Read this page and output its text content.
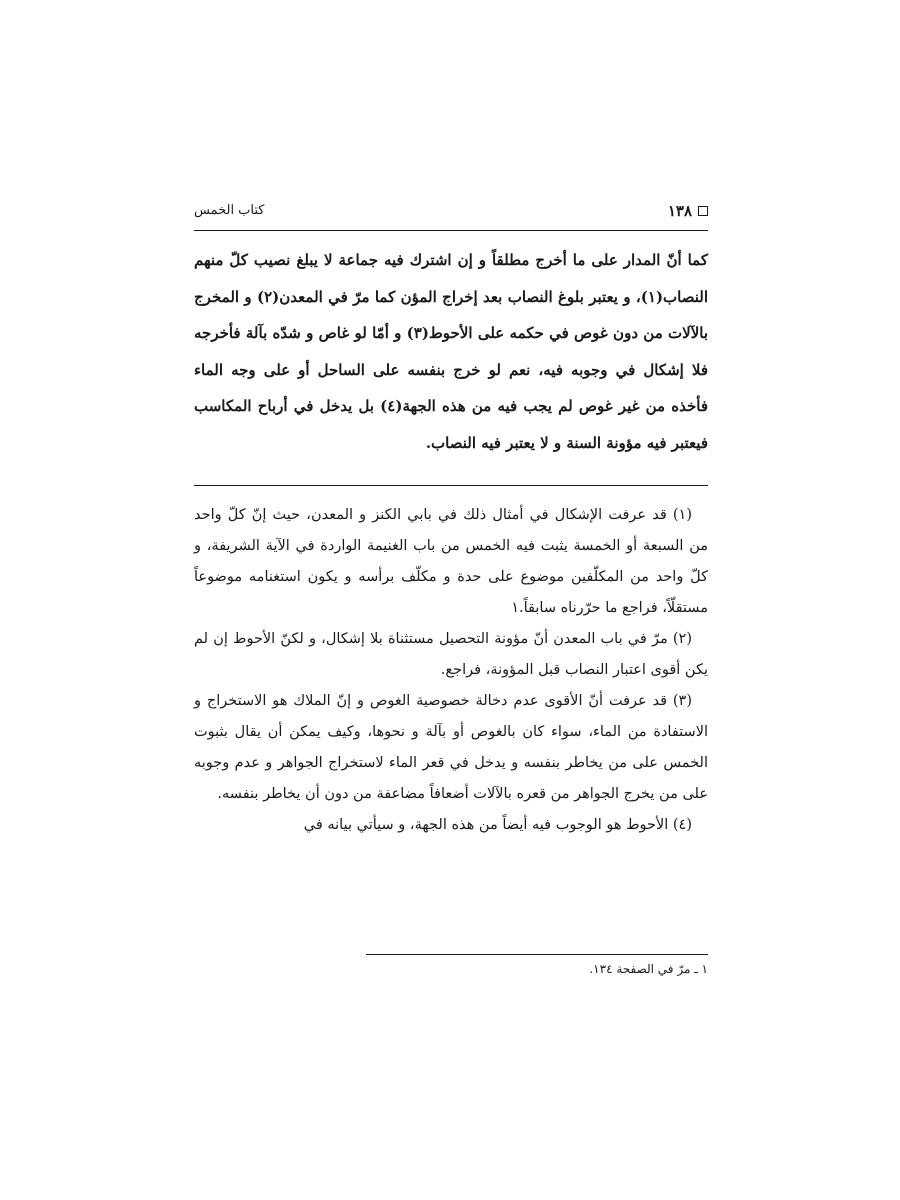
١٣٨
كتاب الخمس

كما أنّ المدار على ما أخرج مطلقاً و إن اشترك فيه جماعة لا يبلغ نصيب كلّ منهم النصاب(١)، و يعتبر بلوغ النصاب بعد إخراج المؤن كما مرّ في المعدن(٢) و المخرج بالآلات من دون غوص في حكمه على الأحوط(٣) و أمّا لو غاص و شدّه بآلة فأخرجه فلا إشكال في وجوبه فيه، نعم لو خرج بنفسه على الساحل أو على وجه الماء فأخذه من غير غوص لم يجب فيه من هذه الجهة(٤) بل يدخل في أرباح المكاسب فيعتبر فيه مؤونة السنة و لا يعتبر فيه النصاب.

(١) قد عرفت الإشكال في أمثال ذلك في بابي الكنز و المعدن، حيث إنّ كلّ واحد من السبعة أو الخمسة يثبت فيه الخمس من باب الغنيمة الواردة في الآية الشريفة، و كلّ واحد من المكلّفين موضوع على حدة و مكلّف برأسه و يكون استغنامه موضوعاً مستقلّاً، فراجع ما حرّرناه سابقاً.١

(٢) مرّ في باب المعدن أنّ مؤونة التحصيل مستثناة بلا إشكال، و لكنّ الأحوط إن لم يكن أقوى اعتبار النصاب قبل المؤونة، فراجع.

(٣) قد عرفت أنّ الأقوى عدم دخالة خصوصية الغوص و إنّ الملاك هو الاستخراج و الاستفادة من الماء، سواء كان بالغوص أو بآلة و نحوها، وكيف يمكن أن يقال بثبوت الخمس على من يخاطر بنفسه و يدخل في قعر الماء لاستخراج الجواهر و عدم وجوبه على من يخرج الجواهر من قعره بالآلات أضعافاً مضاعفة من دون أن يخاطر بنفسه.

(٤) الأحوط هو الوجوب فيه أيضاً من هذه الجهة، و سيأتي بيانه في

١ ـ مرّ في الصفحة ١٣٤.
